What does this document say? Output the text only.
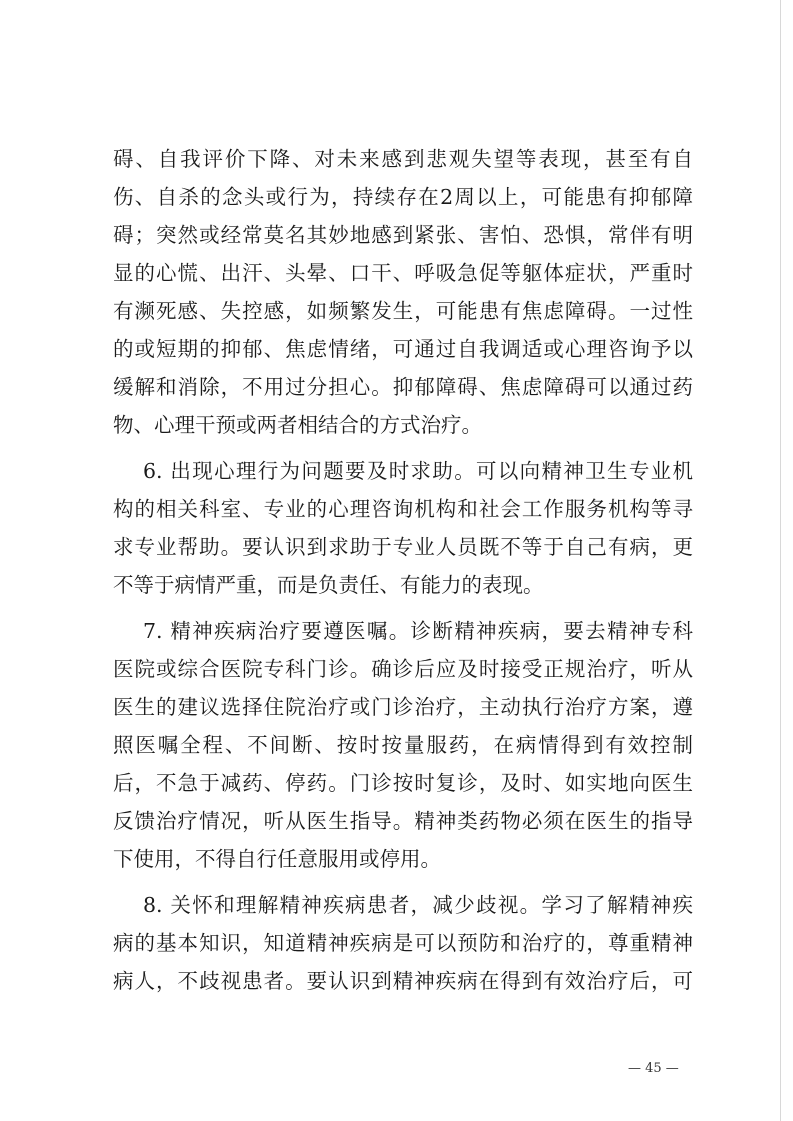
碍、自我评价下降、对未来感到悲观失望等表现，甚至有自
伤、自杀的念头或行为，持续存在2周以上，可能患有抑郁障
碍；突然或经常莫名其妙地感到紧张、害怕、恐惧，常伴有明
显的心慌、出汗、头晕、口干、呼吸急促等躯体症状，严重时
有濒死感、失控感，如频繁发生，可能患有焦虑障碍。一过性
的或短期的抑郁、焦虑情绪，可通过自我调适或心理咨询予以
缓解和消除，不用过分担心。抑郁障碍、焦虑障碍可以通过药
物、心理干预或两者相结合的方式治疗。
6. 出现心理行为问题要及时求助。可以向精神卫生专业机
构的相关科室、专业的心理咨询机构和社会工作服务机构等寻
求专业帮助。要认识到求助于专业人员既不等于自己有病，更
不等于病情严重，而是负责任、有能力的表现。
7. 精神疾病治疗要遵医嘱。诊断精神疾病，要去精神专科
医院或综合医院专科门诊。确诊后应及时接受正规治疗，听从
医生的建议选择住院治疗或门诊治疗，主动执行治疗方案，遵
照医嘱全程、不间断、按时按量服药，在病情得到有效控制
后，不急于减药、停药。门诊按时复诊，及时、如实地向医生
反馈治疗情况，听从医生指导。精神类药物必须在医生的指导
下使用，不得自行任意服用或停用。
8. 关怀和理解精神疾病患者，减少歧视。学习了解精神疾
病的基本知识，知道精神疾病是可以预防和治疗的，尊重精神
病人，不歧视患者。要认识到精神疾病在得到有效治疗后，可
— 45 —
